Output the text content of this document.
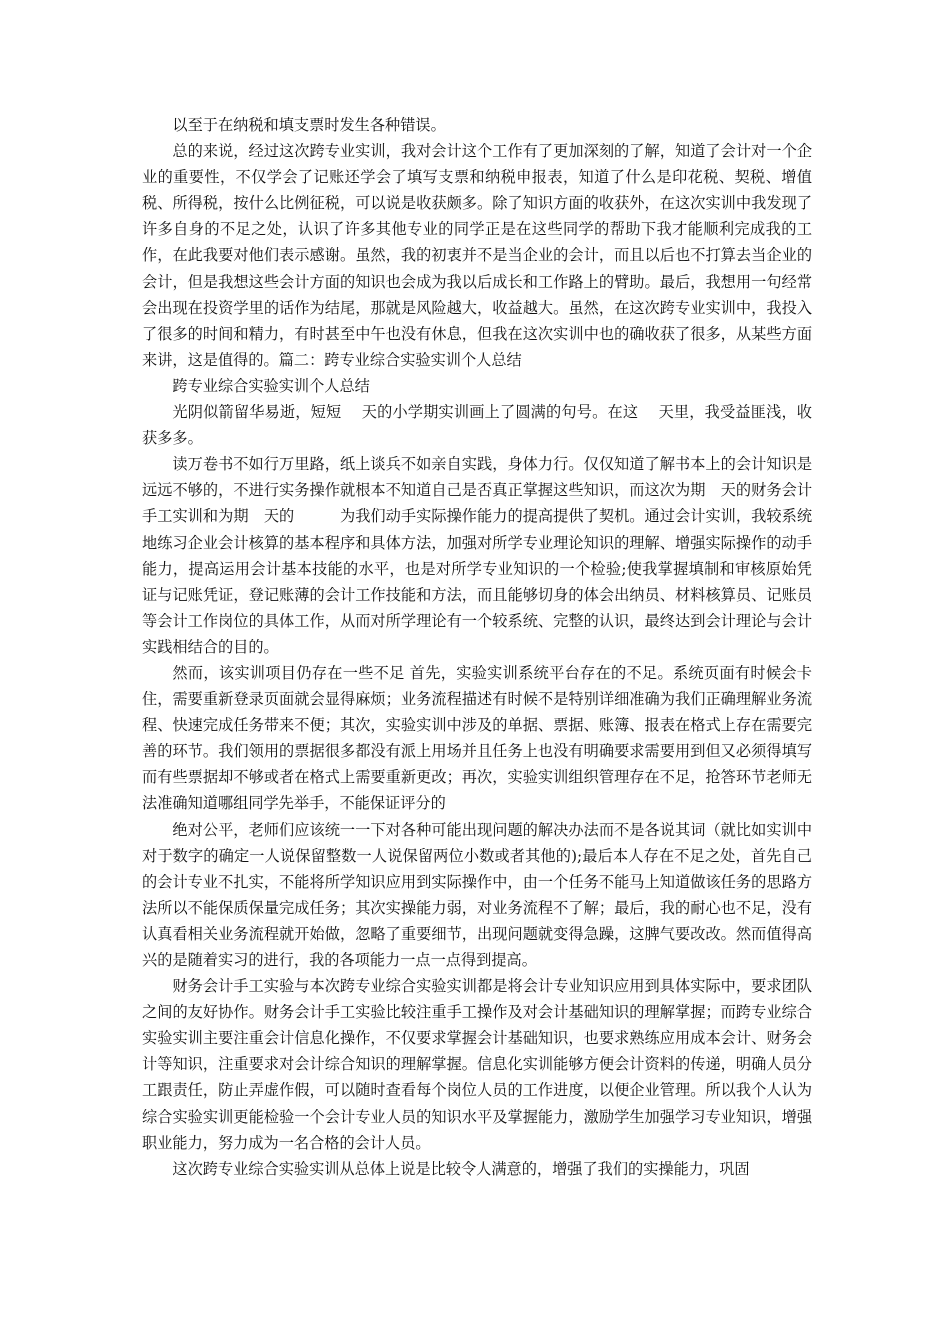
以至于在纳税和填支票时发生各种错误。

总的来说，经过这次跨专业实训，我对会计这个工作有了更加深刻的了解，知道了会计对一个企业的重要性，不仅学会了记账还学会了填写支票和纳税申报表，知道了什么是印花税、契税、增值税、所得税，按什么比例征税，可以说是收获颇多。除了知识方面的收获外，在这次实训中我发现了许多自身的不足之处，认识了许多其他专业的同学正是在这些同学的帮助下我才能顺利完成我的工作，在此我要对他们表示感谢。虽然，我的初衷并不是当企业的会计，而且以后也不打算去当企业的会计，但是我想这些会计方面的知识也会成为我以后成长和工作路上的臂助。最后，我想用一句经常会出现在投资学里的话作为结尾，那就是风险越大，收益越大。虽然，在这次跨专业实训中，我投入了很多的时间和精力，有时甚至中午也没有休息，但我在这次实训中也的确收获了很多，从某些方面来讲，这是值得的。篇二：跨专业综合实验实训个人总结

跨专业综合实验实训个人总结

光阴似箭留华易逝，短短　 天的小学期实训画上了圆满的句号。在这　 天里，我受益匪浅，收获多多。

读万卷书不如行万里路，纸上谈兵不如亲自实践，身体力行。仅仅知道了解书本上的会计知识是远远不够的，不进行实务操作就根本不知道自己是否真正掌握这些知识，而这次为期　天的财务会计手工实训和为期　天的　　　为我们动手实际操作能力的提高提供了契机。通过会计实训，我较系统地练习企业会计核算的基本程序和具体方法，加强对所学专业理论知识的理解、增强实际操作的动手能力，提高运用会计基本技能的水平，也是对所学专业知识的一个检验;使我掌握填制和审核原始凭证与记账凭证，登记账薄的会计工作技能和方法，而且能够切身的体会出纳员、材料核算员、记账员等会计工作岗位的具体工作，从而对所学理论有一个较系统、完整的认识，最终达到会计理论与会计实践相结合的目的。

然而，该实训项目仍存在一些不足 首先，实验实训系统平台存在的不足。系统页面有时候会卡住，需要重新登录页面就会显得麻烦；业务流程描述有时候不是特别详细准确为我们正确理解业务流程、快速完成任务带来不便；其次，实验实训中涉及的单据、票据、账簿、报表在格式上存在需要完善的环节。我们领用的票据很多都没有派上用场并且任务上也没有明确要求需要用到但又必须得填写而有些票据却不够或者在格式上需要重新更改；再次，实验实训组织管理存在不足，抢答环节老师无法准确知道哪组同学先举手，不能保证评分的

绝对公平，老师们应该统一一下对各种可能出现问题的解决办法而不是各说其词（就比如实训中对于数字的确定一人说保留整数一人说保留两位小数或者其他的);最后本人存在不足之处，首先自己的会计专业不扎实，不能将所学知识应用到实际操作中，由一个任务不能马上知道做该任务的思路方法所以不能保质保量完成任务；其次实操能力弱，对业务流程不了解；最后，我的耐心也不足，没有认真看相关业务流程就开始做，忽略了重要细节，出现问题就变得急躁，这脾气要改改。然而值得高兴的是随着实习的进行，我的各项能力一点一点得到提高。

财务会计手工实验与本次跨专业综合实验实训都是将会计专业知识应用到具体实际中，要求团队之间的友好协作。财务会计手工实验比较注重手工操作及对会计基础知识的理解掌握；而跨专业综合实验实训主要注重会计信息化操作，不仅要求掌握会计基础知识，也要求熟练应用成本会计、财务会计等知识，注重要求对会计综合知识的理解掌握。信息化实训能够方便会计资料的传递，明确人员分工跟责任，防止弄虚作假，可以随时查看每个岗位人员的工作进度，以便企业管理。所以我个人认为综合实验实训更能检验一个会计专业人员的知识水平及掌握能力，激励学生加强学习专业知识，增强职业能力，努力成为一名合格的会计人员。

这次跨专业综合实验实训从总体上说是比较令人满意的，增强了我们的实操能力，巩固
